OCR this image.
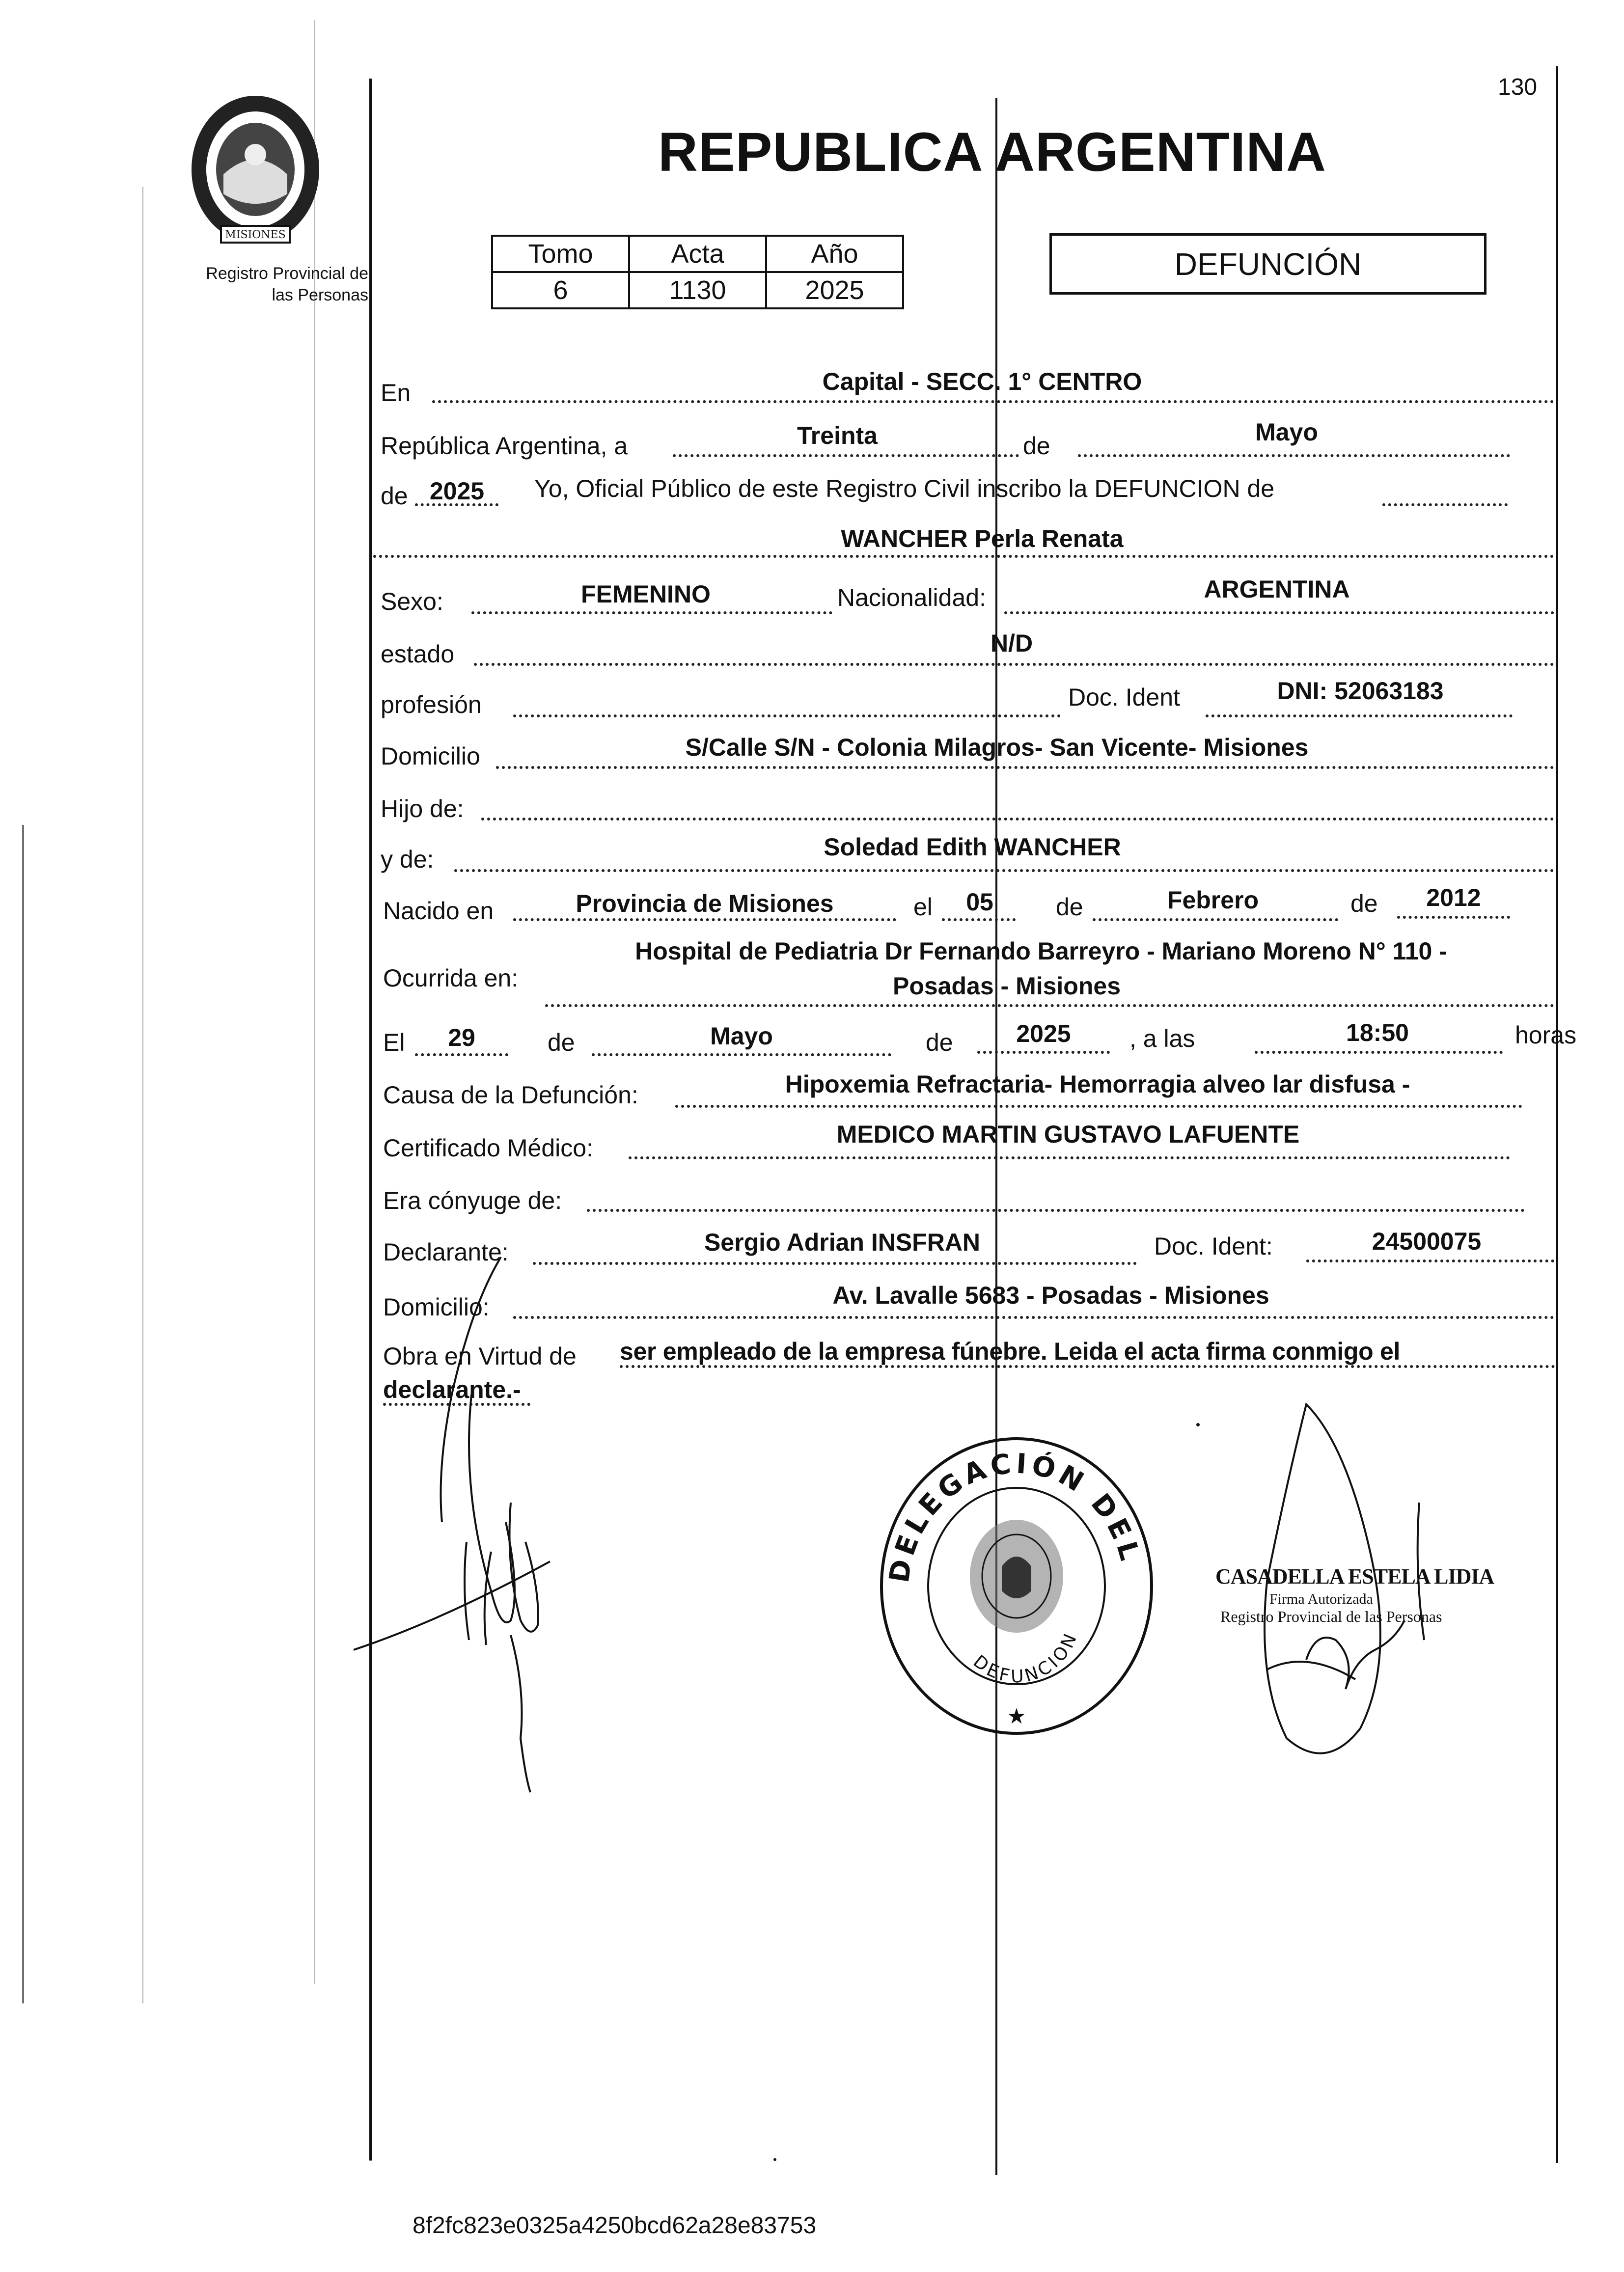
130
MISIONES
Registro Provincial de
las Personas
REPUBLICA ARGENTINA
Tomo	Acta	Año
6	1130	2025
DEFUNCIÓN
En	Capital - SECC. 1° CENTRO
República Argentina, a	Treinta	de	Mayo
de 2025	Yo, Oficial Público de este Registro Civil inscribo la DEFUNCION de
WANCHER Perla Renata
Sexo:	FEMENINO	Nacionalidad:	ARGENTINA
estado	N/D
profesión	Doc. Ident	DNI: 52063183
Domicilio	S/Calle S/N - Colonia Milagros- San Vicente- Misiones
Hijo de:
y de:	Soledad Edith WANCHER
Nacido en	Provincia de Misiones	el	05	de	Febrero	de	2012
Hospital de Pediatria Dr Fernando Barreyro - Mariano Moreno N° 110 -
Ocurrida en:	Posadas - Misiones
El	29	de	Mayo	de	2025	, a las	18:50	horas
Causa de la Defunción:	Hipoxemia Refractaria- Hemorragia alveo lar disfusa -
Certificado Médico:	MEDICO MARTIN GUSTAVO LAFUENTE
Era cónyuge de:
Declarante:	Sergio Adrian INSFRAN	Doc. Ident:	24500075
Domicilio:	Av. Lavalle 5683 - Posadas - Misiones
Obra en Virtud de ser empleado de la empresa fúnebre. Leida el acta firma conmigo el
declarante.-
DELEGACIÓN DEL
DEFUNCION
★
CASADELLA ESTELA LIDIA
Firma Autorizada
Registro Provincial de las Personas
8f2fc823e0325a4250bcd62a28e83753
